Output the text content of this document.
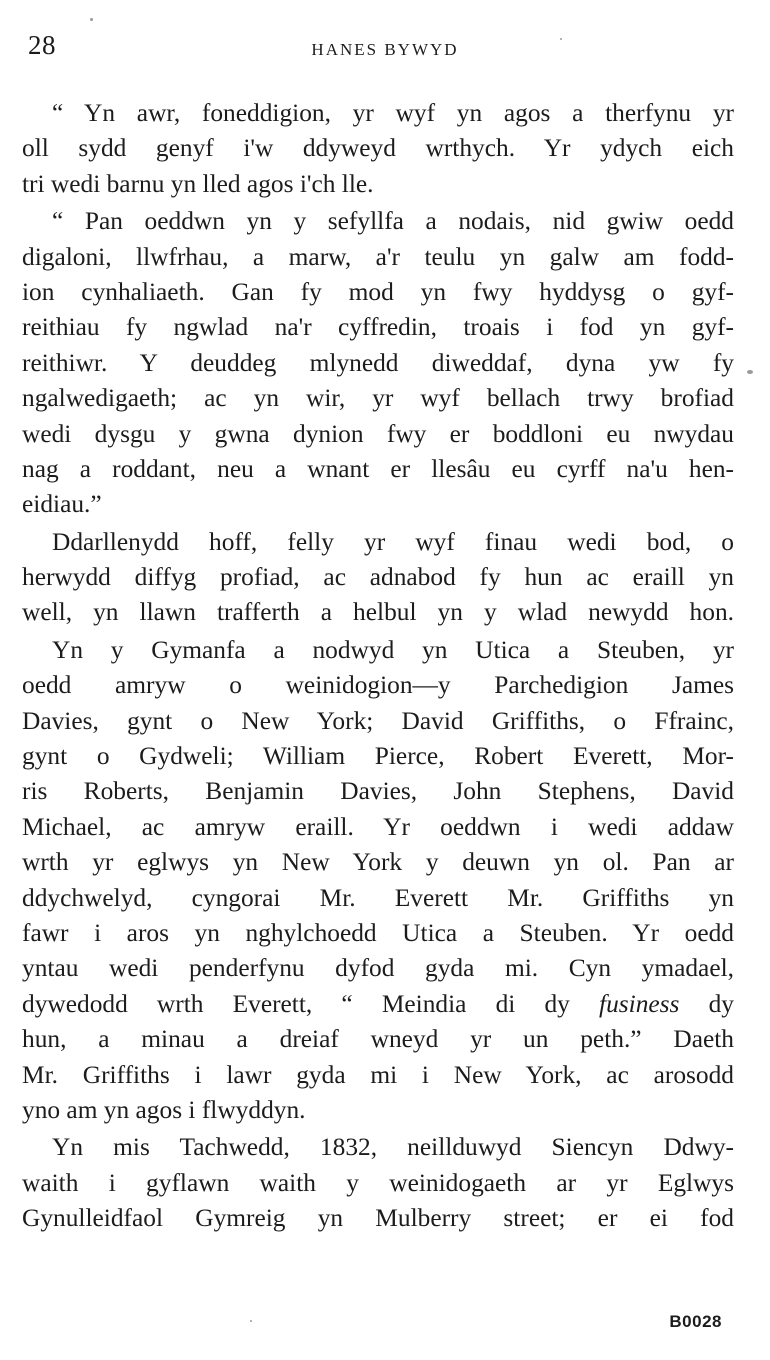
28	HANES BYWYD
“ Yn awr, foneddigion, yr wyf yn agos a therfynu yr
oll sydd genyf i'w ddyweyd wrthych. Yr ydych eich
tri wedi barnu yn lled agos i'ch lle.
“ Pan oeddwn yn y sefyllfa a nodais, nid gwiw oedd
digaloni, llwfrhau, a marw, a'r teulu yn galw am fodd-
ion cynhaliaeth. Gan fy mod yn fwy hyddysg o gyf-
reithiau fy ngwlad na'r cyffredin, troais i fod yn gyf-
reithiwr. Y deuddeg mlynedd diweddaf, dyna yw fy
ngalwedigaeth; ac yn wir, yr wyf bellach trwy brofiad
wedi dysgu y gwna dynion fwy er boddloni eu nwydau
nag a roddant, neu a wnant er llesâu eu cyrff na'u hen-
eidiau.”
Ddarllenydd hoff, felly yr wyf finau wedi bod, o
herwydd diffyg profiad, ac adnabod fy hun ac eraill yn
well, yn llawn trafferth a helbul yn y wlad newydd hon.
Yn y Gymanfa a nodwyd yn Utica a Steuben, yr
oedd amryw o weinidogion—y Parchedigion James
Davies, gynt o New York; David Griffiths, o Ffrainc,
gynt o Gydweli; William Pierce, Robert Everett, Mor-
ris Roberts, Benjamin Davies, John Stephens, David
Michael, ac amryw eraill. Yr oeddwn i wedi addaw
wrth yr eglwys yn New York y deuwn yn ol. Pan ar
ddychwelyd, cyngorai Mr. Everett Mr. Griffiths yn
fawr i aros yn nghylchoedd Utica a Steuben. Yr oedd
yntau wedi penderfynu dyfod gyda mi. Cyn ymadael,
dywedodd wrth Everett, “ Meindia di dy fusiness dy
hun, a minau a dreiaf wneyd yr un peth.” Daeth
Mr. Griffiths i lawr gyda mi i New York, ac arosodd
yno am yn agos i flwyddyn.
Yn mis Tachwedd, 1832, neillduwyd Siencyn Ddwy-
waith i gyflawn waith y weinidogaeth ar yr Eglwys
Gynulleidfaol Gymreig yn Mulberry street; er ei fod
B0028
